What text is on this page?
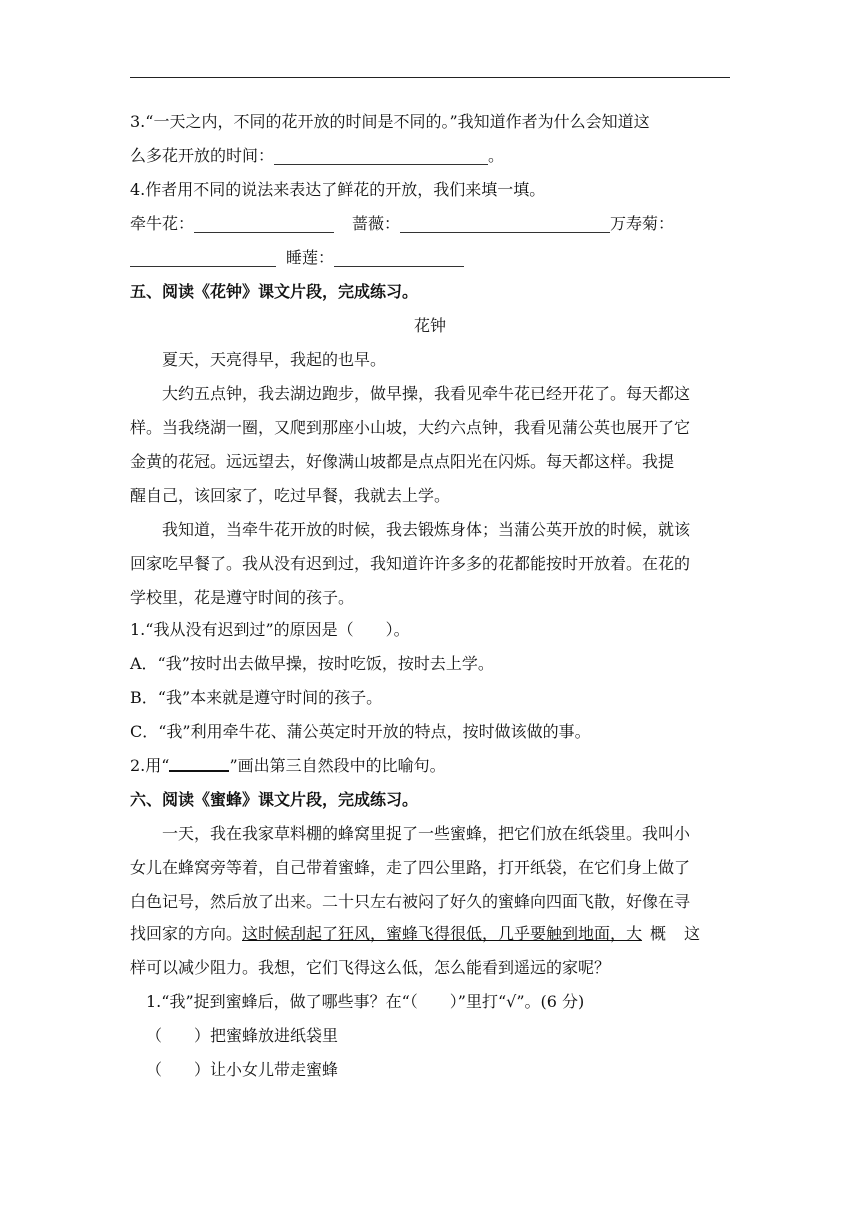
3.“一天之内，不同的花开放的时间是不同的。”我知道作者为什么会知道这
么多花开放的时间：	。
4.作者用不同的说法来表达了鲜花的开放，我们来填一填。
牵牛花：	蔷薇：	万寿菊：
睡莲：
五、阅读《花钟》课文片段，完成练习。
花钟
夏天，天亮得早，我起的也早。
大约五点钟，我去湖边跑步，做早操，我看见牵牛花已经开花了。每天都这
样。当我绕湖一圈，又爬到那座小山坡，大约六点钟，我看见蒲公英也展开了它
金黄的花冠。远远望去，好像满山坡都是点点阳光在闪烁。每天都这样。我提
醒自己，该回家了，吃过早餐，我就去上学。
我知道，当牵牛花开放的时候，我去锻炼身体；当蒲公英开放的时候，就该
回家吃早餐了。我从没有迟到过，我知道许许多多的花都能按时开放着。在花的
学校里，花是遵守时间的孩子。
1.“我从没有迟到过”的原因是（　　）。
A．“我”按时出去做早操，按时吃饭，按时去上学。
B．“我”本来就是遵守时间的孩子。
C．“我”利用牵牛花、蒲公英定时开放的特点，按时做该做的事。
2.用“	”画出第三自然段中的比喻句。
六、阅读《蜜蜂》课文片段，完成练习。
一天，我在我家草料棚的蜂窝里捉了一些蜜蜂，把它们放在纸袋里。我叫小
女儿在蜂窝旁等着，自己带着蜜蜂，走了四公里路，打开纸袋，在它们身上做了
白色记号，然后放了出来。二十只左右被闷了好久的蜜蜂向四面飞散，好像在寻
找回家的方向。这时候刮起了狂风，蜜蜂飞得很低，几乎要触到地面，大 概 这
样可以减少阻力。我想，它们飞得这么低，怎么能看到遥远的家呢？
1.“我”捉到蜜蜂后，做了哪些事？在“（　　）”里打“√”。(6 分)
（　　）把蜜蜂放进纸袋里
（　　）让小女儿带走蜜蜂
